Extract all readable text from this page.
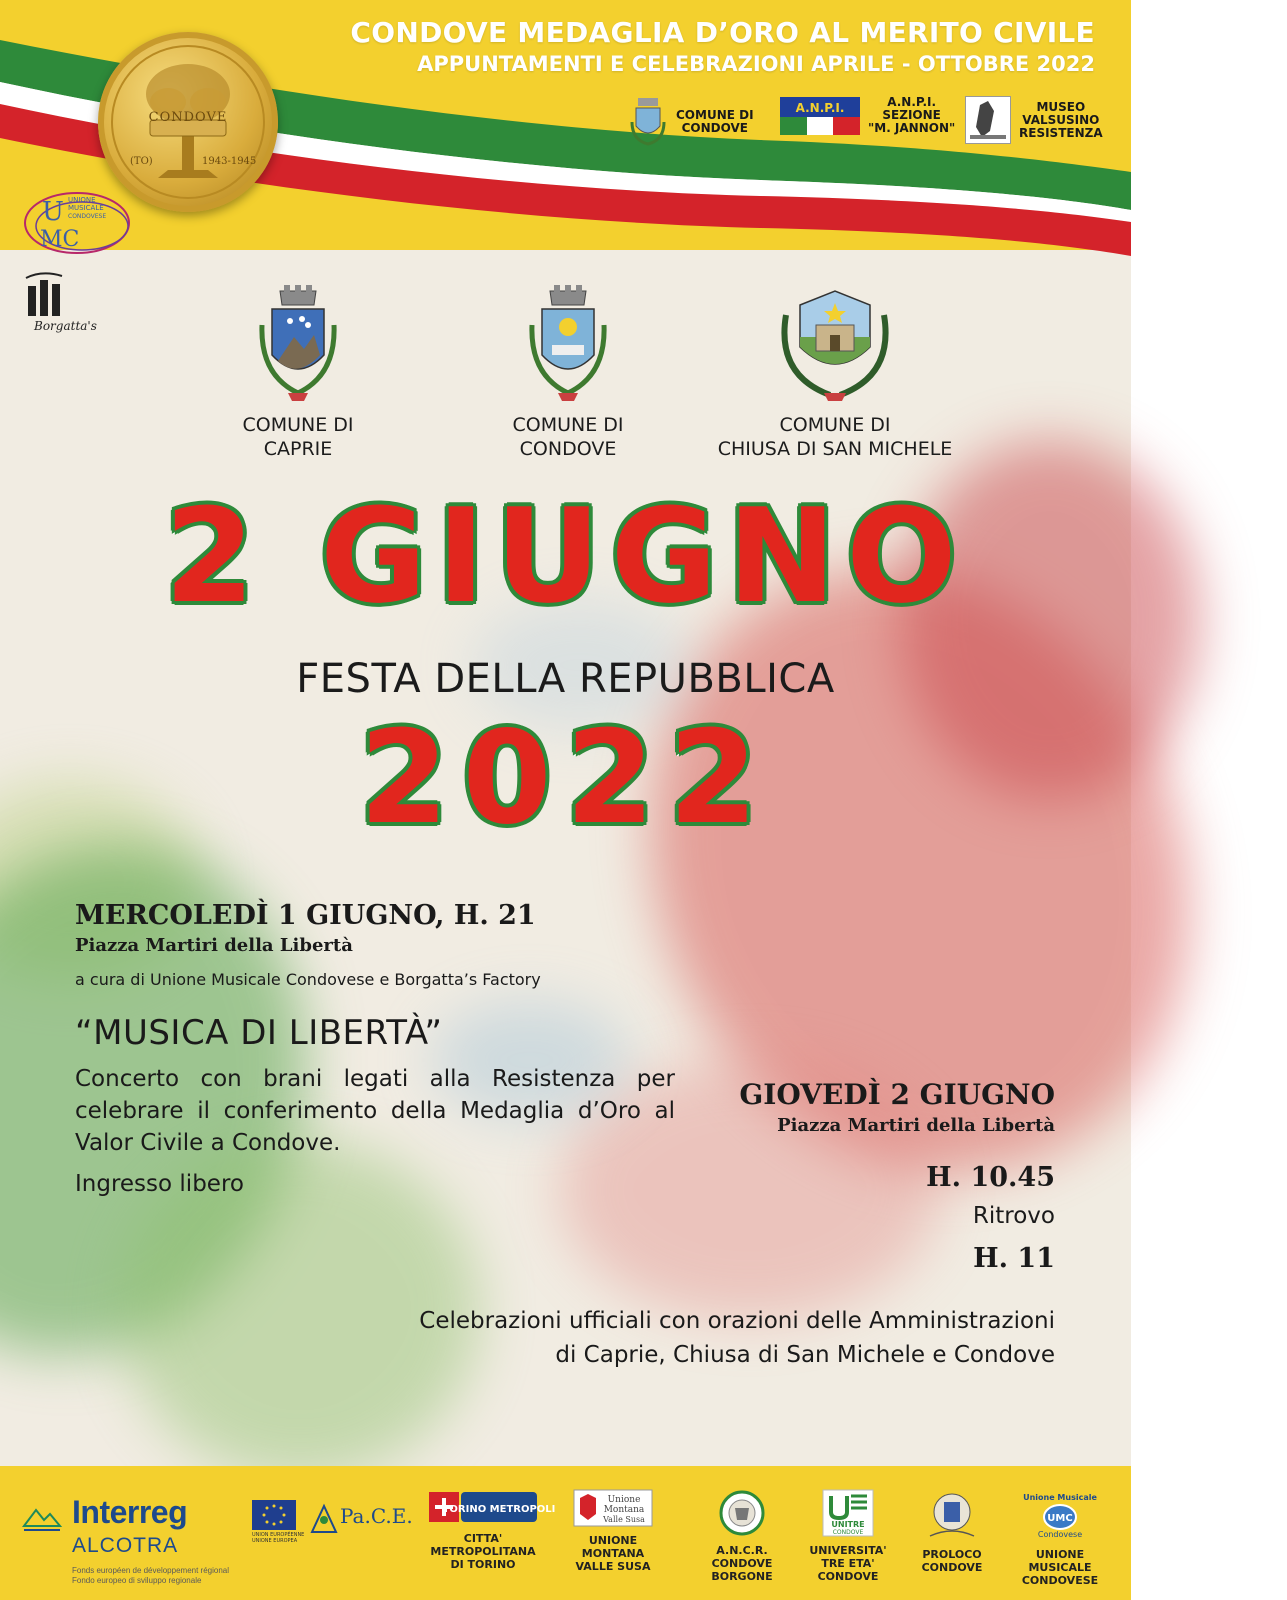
CONDOVE
(TO)	1943-1945
CONDOVE MEDAGLIA D’ORO AL MERITO CIVILE
APPUNTAMENTI E CELEBRAZIONI APRILE - OTTOBRE 2022
COMUNE DI
CONDOVE
A.N.P.I.	A.N.P.I.
SEZIONE
"M. JANNON"
MUSEO
VALSUSINO
RESISTENZA
U
MC
UNIONE
MUSICALE
CONDOVESE
Borgatta's
COMUNE DI
CAPRIE
COMUNE DI
CONDOVE
COMUNE DI
CHIUSA DI SAN MICHELE
2 GIUGNO
FESTA DELLA REPUBBLICA
2022
MERCOLEDÌ 1 GIUGNO, H. 21
Piazza Martiri della Libertà
a cura di Unione Musicale Condovese e Borgatta’s Factory
“MUSICA DI LIBERTÀ”
Concerto con brani legati alla Resistenza per celebrare il conferimento della Medaglia d’Oro al Valor Civile a Condove.
Ingresso libero
GIOVEDÌ 2 GIUGNO
Piazza Martiri della Libertà
H. 10.45
Ritrovo
H. 11
Celebrazioni ufficiali con orazioni delle Amministrazioni
di Caprie, Chiusa di San Michele e Condove
Interreg
ALCOTRA
Fonds européen de développement régional
Fondo europeo di sviluppo regionale
UNION EUROPÉENNE UNIONE EUROPEA
Pa.C.E.	TORINO METROPOLI
CITTA'
METROPOLITANA
DI TORINO
Unione
Montana
Valle Susa
UNIONE
MONTANA
VALLE SUSA
A.N.C.R.
CONDOVE
BORGONE
UNITRE
CONDOVE
UNIVERSITA'
TRE ETA'
CONDOVE
PROLOCO
CONDOVE
Unione Musicale
UMC
Condovese
UNIONE
MUSICALE
CONDOVESE
